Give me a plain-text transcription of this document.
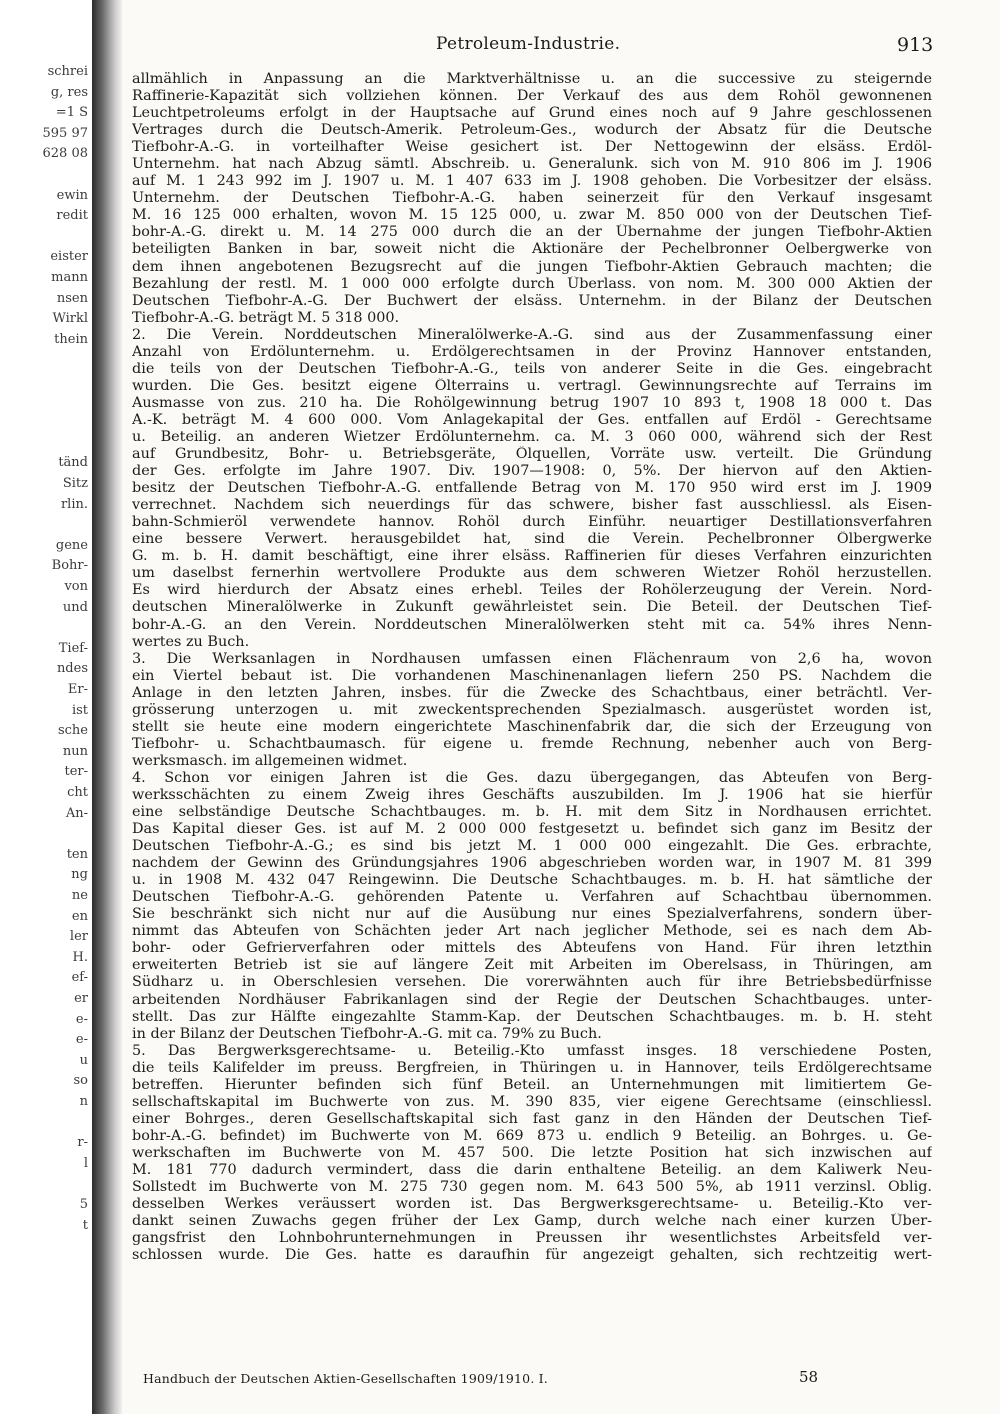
schrei
g, res
=1 S
595 97
628 08
ewin
redit
eister
mann
nsen
Wirkl
thein
tänd
Sitz
rlin.
gene
Bohr-
von
und
Tief-
ndes
Er-
ist
sche
nun
ter-
cht
An-
ten
ng
ne
en
ler
H.
ef-
er
e-
e-
u
so
n
r-
l
5
t
Petroleum-Industrie.	913
allmählich in Anpassung an die Marktverhältnisse u. an die successive zu steigernde
Raffinerie-Kapazität sich vollziehen können. Der Verkauf des aus dem Rohöl gewonnenen
Leuchtpetroleums erfolgt in der Hauptsache auf Grund eines noch auf 9 Jahre geschlossenen
Vertrages durch die Deutsch-Amerik. Petroleum-Ges., wodurch der Absatz für die Deutsche
Tiefbohr-A.-G. in vorteilhafter Weise gesichert ist. Der Nettogewinn der elsäss. Erdöl-
Unternehm. hat nach Abzug sämtl. Abschreib. u. Generalunk. sich von M. 910 806 im J. 1906
auf M. 1 243 992 im J. 1907 u. M. 1 407 633 im J. 1908 gehoben. Die Vorbesitzer der elsäss.
Unternehm. der Deutschen Tiefbohr-A.-G. haben seinerzeit für den Verkauf insgesamt
M. 16 125 000 erhalten, wovon M. 15 125 000, u. zwar M. 850 000 von der Deutschen Tief-
bohr-A.-G. direkt u. M. 14 275 000 durch die an der Übernahme der jungen Tiefbohr-Aktien
beteiligten Banken in bar, soweit nicht die Aktionäre der Pechelbronner Oelbergwerke von
dem ihnen angebotenen Bezugsrecht auf die jungen Tiefbohr-Aktien Gebrauch machten; die
Bezahlung der restl. M. 1 000 000 erfolgte durch Überlass. von nom. M. 300 000 Aktien der
Deutschen Tiefbohr-A.-G. Der Buchwert der elsäss. Unternehm. in der Bilanz der Deutschen
Tiefbohr-A.-G. beträgt M. 5 318 000.
2. Die Verein. Norddeutschen Mineralölwerke-A.-G. sind aus der Zusammenfassung einer
Anzahl von Erdölunternehm. u. Erdölgerechtsamen in der Provinz Hannover entstanden,
die teils von der Deutschen Tiefbohr-A.-G., teils von anderer Seite in die Ges. eingebracht
wurden. Die Ges. besitzt eigene Ölterrains u. vertragl. Gewinnungsrechte auf Terrains im
Ausmasse von zus. 210 ha. Die Rohölgewinnung betrug 1907 10 893 t, 1908 18 000 t. Das
A.-K. beträgt M. 4 600 000. Vom Anlagekapital der Ges. entfallen auf Erdöl - Gerechtsame
u. Beteilig. an anderen Wietzer Erdölunternehm. ca. M. 3 060 000, während sich der Rest
auf Grundbesitz, Bohr- u. Betriebsgeräte, Ölquellen, Vorräte usw. verteilt. Die Gründung
der Ges. erfolgte im Jahre 1907. Div. 1907—1908: 0, 5%. Der hiervon auf den Aktien-
besitz der Deutschen Tiefbohr-A.-G. entfallende Betrag von M. 170 950 wird erst im J. 1909
verrechnet. Nachdem sich neuerdings für das schwere, bisher fast ausschliessl. als Eisen-
bahn-Schmieröl verwendete hannov. Rohöl durch Einführ. neuartiger Destillationsverfahren
eine bessere Verwert. herausgebildet hat, sind die Verein. Pechelbronner Ölbergwerke
G. m. b. H. damit beschäftigt, eine ihrer elsäss. Raffinerien für dieses Verfahren einzurichten
um daselbst fernerhin wertvollere Produkte aus dem schweren Wietzer Rohöl herzustellen.
Es wird hierdurch der Absatz eines erhebl. Teiles der Rohölerzeugung der Verein. Nord-
deutschen Mineralölwerke in Zukunft gewährleistet sein. Die Beteil. der Deutschen Tief-
bohr-A.-G. an den Verein. Norddeutschen Mineralölwerken steht mit ca. 54% ihres Nenn-
wertes zu Buch.
3. Die Werksanlagen in Nordhausen umfassen einen Flächenraum von 2,6 ha, wovon
ein Viertel bebaut ist. Die vorhandenen Maschinenanlagen liefern 250 PS. Nachdem die
Anlage in den letzten Jahren, insbes. für die Zwecke des Schachtbaus, einer beträchtl. Ver-
grösserung unterzogen u. mit zweckentsprechenden Spezialmasch. ausgerüstet worden ist,
stellt sie heute eine modern eingerichtete Maschinenfabrik dar, die sich der Erzeugung von
Tiefbohr- u. Schachtbaumasch. für eigene u. fremde Rechnung, nebenher auch von Berg-
werksmasch. im allgemeinen widmet.
4. Schon vor einigen Jahren ist die Ges. dazu übergegangen, das Abteufen von Berg-
werksschächten zu einem Zweig ihres Geschäfts auszubilden. Im J. 1906 hat sie hierfür
eine selbständige Deutsche Schachtbauges. m. b. H. mit dem Sitz in Nordhausen errichtet.
Das Kapital dieser Ges. ist auf M. 2 000 000 festgesetzt u. befindet sich ganz im Besitz der
Deutschen Tiefbohr-A.-G.; es sind bis jetzt M. 1 000 000 eingezahlt. Die Ges. erbrachte,
nachdem der Gewinn des Gründungsjahres 1906 abgeschrieben worden war, in 1907 M. 81 399
u. in 1908 M. 432 047 Reingewinn. Die Deutsche Schachtbauges. m. b. H. hat sämtliche der
Deutschen Tiefbohr-A.-G. gehörenden Patente u. Verfahren auf Schachtbau übernommen.
Sie beschränkt sich nicht nur auf die Ausübung nur eines Spezialverfahrens, sondern über-
nimmt das Abteufen von Schächten jeder Art nach jeglicher Methode, sei es nach dem Ab-
bohr- oder Gefrierverfahren oder mittels des Abteufens von Hand. Für ihren letzthin
erweiterten Betrieb ist sie auf längere Zeit mit Arbeiten im Oberelsass, in Thüringen, am
Südharz u. in Oberschlesien versehen. Die vorerwähnten auch für ihre Betriebsbedürfnisse
arbeitenden Nordhäuser Fabrikanlagen sind der Regie der Deutschen Schachtbauges. unter-
stellt. Das zur Hälfte eingezahlte Stamm-Kap. der Deutschen Schachtbauges. m. b. H. steht
in der Bilanz der Deutschen Tiefbohr-A.-G. mit ca. 79% zu Buch.
5. Das Bergwerksgerechtsame- u. Beteilig.-Kto umfasst insges. 18 verschiedene Posten,
die teils Kalifelder im preuss. Bergfreien, in Thüringen u. in Hannover, teils Erdölgerechtsame
betreffen. Hierunter befinden sich fünf Beteil. an Unternehmungen mit limitiertem Ge-
sellschaftskapital im Buchwerte von zus. M. 390 835, vier eigene Gerechtsame (einschliessl.
einer Bohrges., deren Gesellschaftskapital sich fast ganz in den Händen der Deutschen Tief-
bohr-A.-G. befindet) im Buchwerte von M. 669 873 u. endlich 9 Beteilig. an Bohrges. u. Ge-
werkschaften im Buchwerte von M. 457 500. Die letzte Position hat sich inzwischen auf
M. 181 770 dadurch vermindert, dass die darin enthaltene Beteilig. an dem Kaliwerk Neu-
Sollstedt im Buchwerte von M. 275 730 gegen nom. M. 643 500 5%, ab 1911 verzinsl. Oblig.
desselben Werkes veräussert worden ist. Das Bergwerksgerechtsame- u. Beteilig.-Kto ver-
dankt seinen Zuwachs gegen früher der Lex Gamp, durch welche nach einer kurzen Über-
gangsfrist den Lohnbohrunternehmungen in Preussen ihr wesentlichstes Arbeitsfeld ver-
schlossen wurde. Die Ges. hatte es daraufhin für angezeigt gehalten, sich rechtzeitig wert-
Handbuch der Deutschen Aktien-Gesellschaften 1909/1910. I.	58
